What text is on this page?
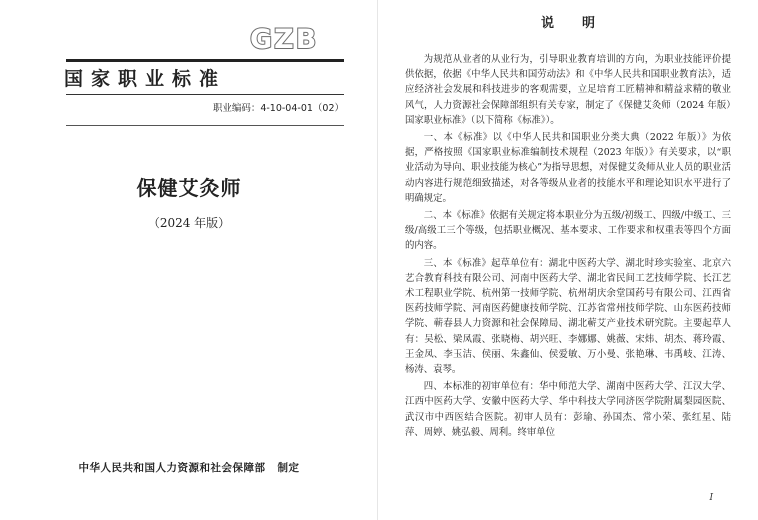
GZB
国家职业标准
职业编码：4-10-04-01（02）
保健艾灸师
（2024 年版）
中华人民共和国人力资源和社会保障部 制定
说明

为规范从业者的从业行为，引导职业教育培训的方向，为职业技能评价提供依据，依据《中华人民共和国劳动法》和《中华人民共和国职业教育法》，适应经济社会发展和科技进步的客观需要，立足培育工匠精神和精益求精的敬业风气，人力资源社会保障部组织有关专家，制定了《保健艾灸师（2024 年版）国家职业标准》（以下简称《标准》）。

一、本《标准》以《中华人民共和国职业分类大典（2022 年版）》为依据，严格按照《国家职业标准编制技术规程（2023 年版）》有关要求，以“职业活动为导向、职业技能为核心”为指导思想，对保健艾灸师从业人员的职业活动内容进行规范细致描述，对各等级从业者的技能水平和理论知识水平进行了明确规定。

二、本《标准》依据有关规定将本职业分为五级/初级工、四级/中级工、三级/高级工三个等级，包括职业概况、基本要求、工作要求和权重表等四个方面的内容。

三、本《标准》起草单位有：湖北中医药大学、湖北时珍实验室、北京六艺合教育科技有限公司、河南中医药大学、湖北省民间工艺技师学院、长江艺术工程职业学院、杭州第一技师学院、杭州胡庆余堂国药号有限公司、江西省医药技师学院、河南医药健康技师学院、江苏省常州技师学院、山东医药技师学院、蕲春县人力资源和社会保障局、湖北蕲艾产业技术研究院。主要起草人有：吴松、梁凤霞、张晓梅、胡兴旺、李娜娜、姚薇、宋炜、胡杰、蒋玲霞、王金凤、李玉洁、侯丽、朱鑫仙、侯爱敏、万小曼、张艳琳、韦禹岐、江涛、杨涛、袁琴。

四、本标准的初审单位有：华中师范大学、湖南中医药大学、江汉大学、江西中医药大学、安徽中医药大学、华中科技大学同济医学院附属梨园医院、武汉市中西医结合医院。初审人员有：彭瑜、孙国杰、常小荣、张红星、陆萍、周婷、姚弘毅、周利。终审单位

I
